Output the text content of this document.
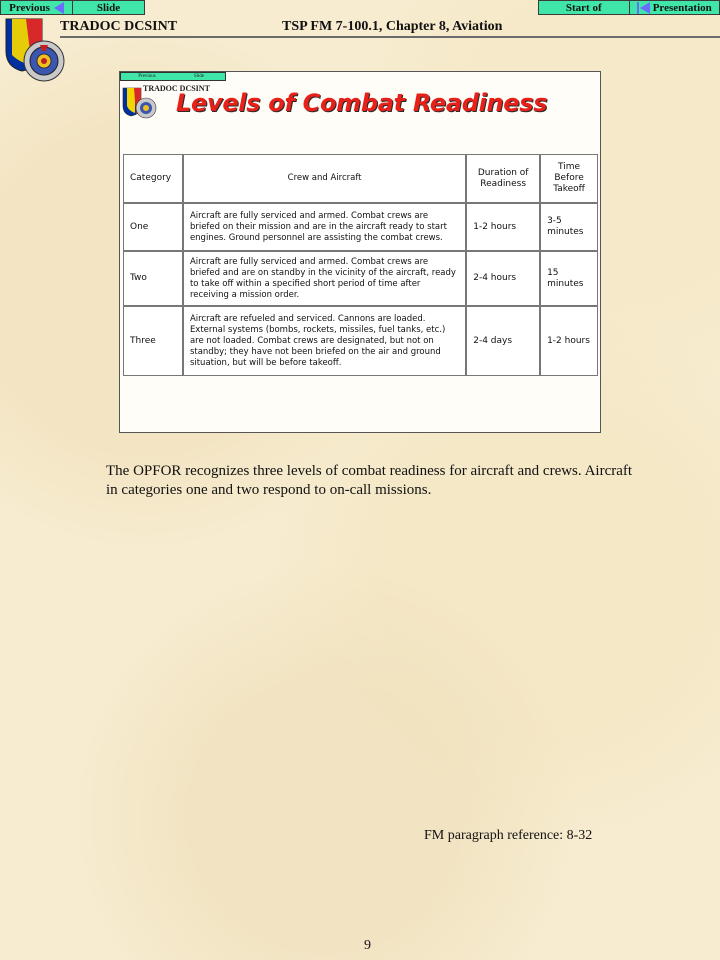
Previous	Slide	Start of	Presentation
TRADOC DCSINT	TSP FM 7-100.1, Chapter 8, Aviation
Previous	Slide
TRADOC DCSINT
Levels of Combat Readiness
Category	Crew and Aircraft	Duration of Readiness	Time Before Takeoff
One	Aircraft are fully serviced and armed. Combat crews are briefed on their mission and are in the aircraft ready to start engines. Ground personnel are assisting the combat crews.	1-2 hours	3-5 minutes
Two	Aircraft are fully serviced and armed. Combat crews are briefed and are on standby in the vicinity of the aircraft, ready to take off within a specified short period of time after receiving a mission order.	2-4 hours	15 minutes
Three	Aircraft are refueled and serviced. Cannons are loaded. External systems (bombs, rockets, missiles, fuel tanks, etc.) are not loaded. Combat crews are designated, but not on standby; they have not been briefed on the air and ground situation, but will be before takeoff.	2-4 days	1-2 hours
The OPFOR recognizes three levels of combat readiness for aircraft and crews. Aircraft in categories one and two respond to on-call missions.
FM paragraph reference: 8-32
9
